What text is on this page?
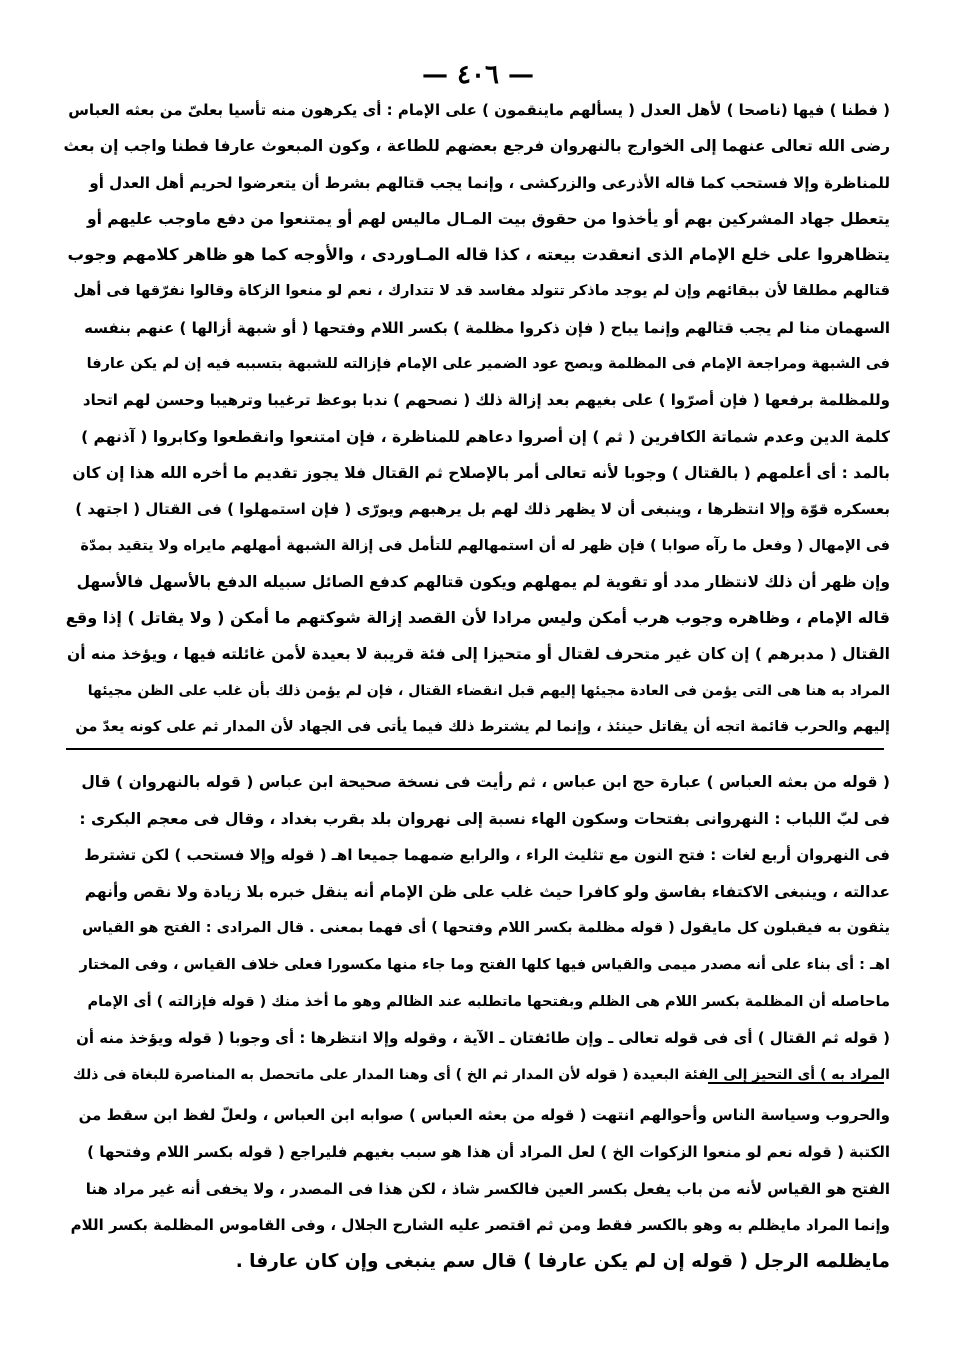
— ٤٠٦ —
( فطنا ) فيها (ناصحا ) لأهل العدل ( يسألهم ماينقمون ) على الإمام : أى يكرهون منه تأسيا بعلىّ من بعثه العباس
رضى الله تعالى عنهما إلى الخوارج بالنهروان فرجع بعضهم للطاعة ، وكون المبعوث عارفا فطنا واجب إن بعث
للمناظرة وإلا فستحب كما قاله الأذرعى والزركشى ، وإنما يجب قتالهم بشرط أن يتعرضوا لحريم أهل العدل أو
يتعطل جهاد المشركين بهم أو يأخذوا من حقوق بيت المـال ماليس لهم أو يمتنعوا من دفع ماوجب عليهم أو
يتظاهروا على خلع الإمام الذى انعقدت بيعته ، كذا قاله المـاوردى ، والأوجه كما هو ظاهر كلامهم وجوب
قتالهم مطلقا لأن ببقائهم وإن لم يوجد ماذكر تتولد مفاسد قد لا تتدارك ، نعم لو منعوا الزكاة وقالوا نفرّقها فى أهل
السهمان منا لم يجب قتالهم وإنما يباح ( فإن ذكروا مظلمة ) بكسر اللام وفتحها ( أو شبهة أزالها ) عنهم بنفسه
فى الشبهة ومراجعة الإمام فى المظلمة ويصح عود الضمير على الإمام فإزالته للشبهة بتسببه فيه إن لم يكن عارفا
وللمظلمة برفعها ( فإن أصرّوا ) على بغيهم بعد إزالة ذلك ( نصحهم ) ندبا بوعظ ترغيبا وترهيبا وحسن لهم اتحاد
كلمة الدين وعدم شماتة الكافرين ( ثم ) إن أصروا دعاهم للمناظرة ، فإن امتنعوا وانقطعوا وكابروا ( آذنهم )
بالمد : أى أعلمهم ( بالقتال ) وجوبا لأنه تعالى أمر بالإصلاح ثم القتال فلا يجوز تقديم ما أخره الله هذا إن كان
بعسكره قوّة وإلا انتظرها ، وينبغى أن لا يظهر ذلك لهم بل يرهبهم ويورّى ( فإن استمهلوا ) فى القتال ( اجتهد )
فى الإمهال ( وفعل ما رآه صوابا ) فإن ظهر له أن استمهالهم للتأمل فى إزالة الشبهة أمهلهم مايراه ولا يتقيد بمدّة
وإن ظهر أن ذلك لانتظار مدد أو تقوية لم يمهلهم ويكون قتالهم كدفع الصائل سبيله الدفع بالأسهل فالأسهل
قاله الإمام ، وظاهره وجوب هرب أمكن وليس مرادا لأن القصد إزالة شوكتهم ما أمكن ( ولا يقاتل ) إذا وقع
القتال ( مدبرهم ) إن كان غير متحرف لقتال أو متحيزا إلى فئة قريبة لا بعيدة لأمن غائلته فيها ، ويؤخذ منه أن
المراد به هنا هى التى يؤمن فى العادة مجيئها إليهم قبل انقضاء القتال ، فإن لم يؤمن ذلك بأن غلب على الظن مجيئها
إليهم والحرب قائمة اتجه أن يقاتل حينئذ ، وإنما لم يشترط ذلك فيما يأتى فى الجهاد لأن المدار ثم على كونه يعدّ من
( قوله من بعثه العباس ) عبارة حج ابن عباس ، ثم رأيت فى نسخة صحيحة ابن عباس ( قوله بالنهروان ) قال
فى لبّ اللباب : النهروانى بفتحات وسكون الهاء نسبة إلى نهروان بلد بقرب بغداد ، وقال فى معجم البكرى :
فى النهروان أربع لغات : فتح النون مع تثليث الراء ، والرابع ضمهما جميعا اهـ ( قوله وإلا فستحب ) لكن تشترط
عدالته ، وينبغى الاكتفاء بفاسق ولو كافرا حيث غلب على ظن الإمام أنه ينقل خبره بلا زيادة ولا نقص وأنهم
يثقون به فيقبلون كل مايقول ( قوله مظلمة بكسر اللام وفتحها ) أى فهما بمعنى . قال المرادى : الفتح هو القياس
اهـ : أى بناء على أنه مصدر ميمى والقياس فيها كلها الفتح وما جاء منها مكسورا فعلى خلاف القياس ، وفى المختار
ماحاصله أن المظلمة بكسر اللام هى الظلم وبفتحها ماتطلبه عند الظالم وهو ما أخذ منك ( قوله فإزالته ) أى الإمام
( قوله ثم القتال ) أى فى قوله تعالى ـ وإن طائفتان ـ الآية ، وقوله وإلا انتظرها : أى وجوبا ( قوله ويؤخذ منه أن
المراد به ) أى التحيز إلى الفئة البعيدة ( قوله لأن المدار ثم الخ ) أى وهنا المدار على ماتحصل به المناصرة للبغاة فى ذلك
والحروب وسياسة الناس وأحوالهم انتهت ( قوله من بعثه العباس ) صوابه ابن العباس ، ولعلّ لفظ ابن سقط من
الكتبة ( قوله نعم لو منعوا الزكوات الخ ) لعل المراد أن هذا هو سبب بغيهم فليراجع ( قوله بكسر اللام وفتحها )
الفتح هو القياس لأنه من باب يفعل بكسر العين فالكسر شاذ ، لكن هذا فى المصدر ، ولا يخفى أنه غير مراد هنا
وإنما المراد مايظلم به وهو بالكسر فقط ومن ثم اقتصر عليه الشارح الجلال ، وفى القاموس المظلمة بكسر اللام
مايظلمه الرجل ( قوله إن لم يكن عارفا ) قال سم ينبغى وإن كان عارفا .
